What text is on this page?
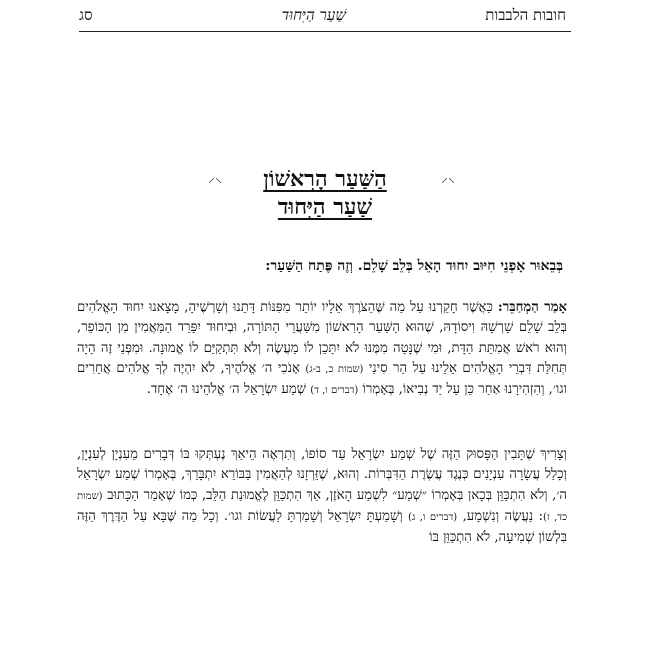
חובות הלבבות
שַׁעַר הַיִּחוּד
סג
⸝⸜
⸝⸜	הַשַּׁעַר הָרִאשׁוֹן
שַׁעַר הַיִּחוּד
בְּבֵאוּר אָפְנֵי חִיּוּב יִחוּד הָאֵל בְּלֵב שָׁלֵם. וְזֶה פֶּתַח הַשַּׁעַר:

אָמַר הַמְחַבֵּר: כַּאֲשֶׁר חָקַרְנוּ עַל מַה שֶּׁהַצֹּרֶךְ אֵלָיו יוֹתֵר מִפִּנּוֹת דָּתֵנוּ וְשָׁרְשֶׁיהָ, מָצָאנוּ יִחוּד הָאֱלֹהִים בְּלֵב שָׁלֵם שָׁרְשָׁהּ וִיסוֹדָהּ, שֶׁהוּא הַשַּׁעַר הָרִאשׁוֹן מִשַּׁעֲרֵי הַתּוֹרָה, וּבְיִחוּד יִפָּרֵד הַמַּאֲמִין מִן הַכּוֹפֵר, וְהוּא רֹאשׁ אֲמִתַּת הַדָּת, וּמִי שֶׁנָּטָה מִמֶּנּוּ לֹא יִתָּכֵן לוֹ מַעֲשֶׂה וְלֹא תִּתְקַיֵּם לוֹ אֱמוּנָה. וּמִפְּנֵי זֶה הָיָה תְּחִלַּת דִּבְרֵי הָאֱלֹהִים אֵלֵינוּ עַל הַר סִינַי (שמות כ, ב-ג) אָנֹכִי ה׳ אֱלֹהֶיךָ, לֹא יִהְיֶה לְךָ אֱלֹהִים אֲחֵרִים וגו׳, וְהִזְהִירָנוּ אַחַר כֵּן עַל יַד נְבִיאוֹ, בְּאָמְרוֹ (דברים ו, ד) שְׁמַע יִשְׂרָאֵל ה׳ אֱלֹהֵינוּ ה׳ אֶחָד.

וְצָרִיךְ שֶׁתָּבִין הַפָּסוּק הַזֶּה שֶׁל שְׁמַע יִשְׂרָאֵל עַד סוֹפוֹ, וְתִרְאֶה הֵיאַךְ נֶעְתְּקוּ בּוֹ דְּבָרִים מֵעִנְיָן לְעִנְיָן, וְכָלַל עֲשָׂרָה עִנְיָנִים כְּנֶגֶד עֲשֶׂרֶת הַדִּבְּרוֹת. וְהוּא, שֶׁזֵּרְזָנוּ לְהַאֲמִין בַּבּוֹרֵא יִתְבָּרַךְ, בְּאָמְרוֹ שְׁמַע יִשְׂרָאֵל ה׳, וְלֹא הִתְכַּוֵּן בְּכָאן בְּאָמְרוֹ ״שְׁמַע״ לִשְׁמַע הָאֹזֶן, אַךְ הִתְכַּוֵּן לֶאֱמוּנַת הַלֵּב, כְּמוֹ שֶׁאָמַר הַכָּתוּב (שמות כד, ז): נַעֲשֶׂה וְנִשְׁמָע, (דברים ו, ג) וְשָׁמַעְתָּ יִשְׂרָאֵל וְשָׁמַרְתָּ לַעֲשׂוֹת וגו׳. וְכָל מַה שֶּׁבָּא עַל הַדֶּרֶךְ הַזֶּה בִּלְשׁוֹן שְׁמִיעָה, לֹא הִתְכַּוֵּן בּוֹ
